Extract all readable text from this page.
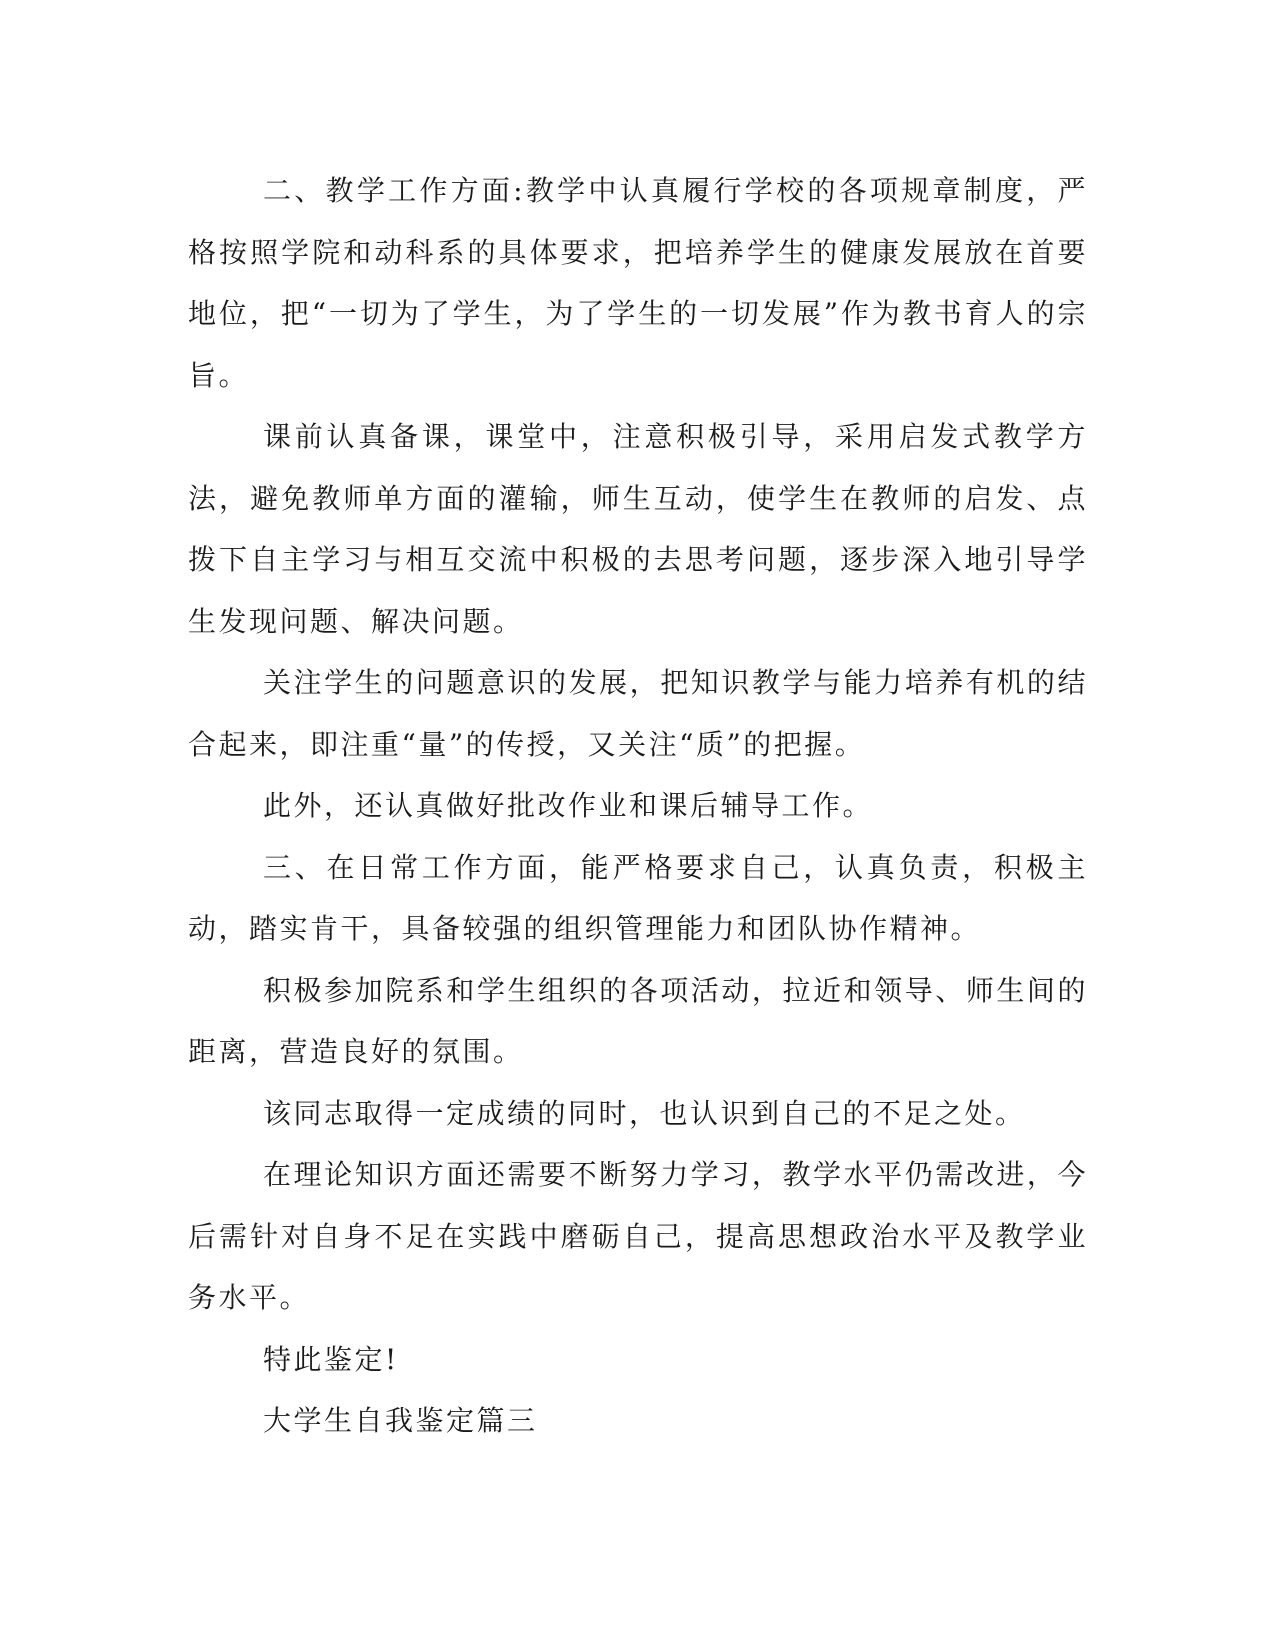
二、教学工作方面:教学中认真履行学校的各项规章制度，严格按照学院和动科系的具体要求，把培养学生的健康发展放在首要地位，把“一切为了学生，为了学生的一切发展”作为教书育人的宗旨。

课前认真备课，课堂中，注意积极引导，采用启发式教学方法，避免教师单方面的灌输，师生互动，使学生在教师的启发、点拨下自主学习与相互交流中积极的去思考问题，逐步深入地引导学生发现问题、解决问题。

关注学生的问题意识的发展，把知识教学与能力培养有机的结合起来，即注重“量”的传授，又关注“质”的把握。

此外，还认真做好批改作业和课后辅导工作。

三、在日常工作方面，能严格要求自己，认真负责，积极主动，踏实肯干，具备较强的组织管理能力和团队协作精神。

积极参加院系和学生组织的各项活动，拉近和领导、师生间的距离，营造良好的氛围。

该同志取得一定成绩的同时，也认识到自己的不足之处。

在理论知识方面还需要不断努力学习，教学水平仍需改进，今后需针对自身不足在实践中磨砺自己，提高思想政治水平及教学业务水平。

特此鉴定!

大学生自我鉴定篇三
